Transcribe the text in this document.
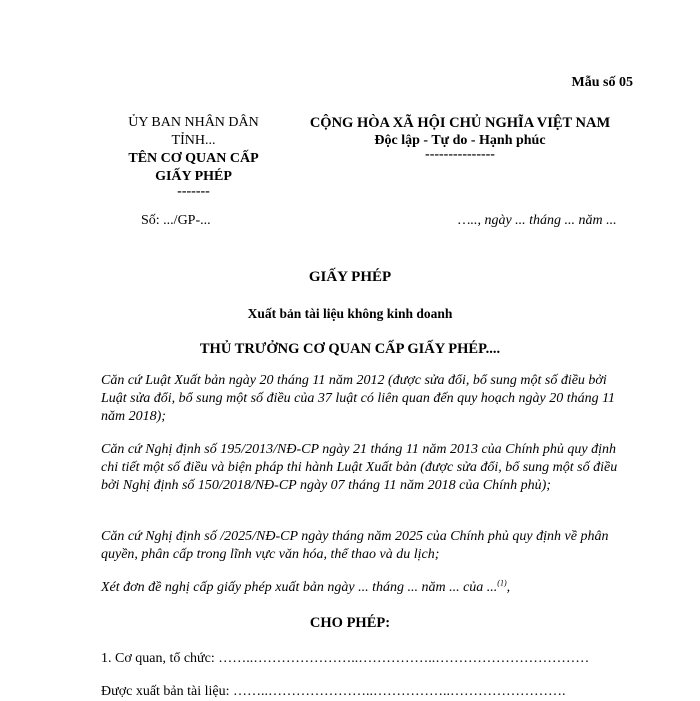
Mẫu số 05
ỦY BAN NHÂN DÂN
TỈNH...
TÊN CƠ QUAN CẤP
GIẤY PHÉP
-------
CỘNG HÒA XÃ HỘI CHỦ NGHĨA VIỆT NAM
Độc lập - Tự do - Hạnh phúc
---------------
Số: .../GP-...	….., ngày ... tháng ... năm ...
GIẤY PHÉP
Xuất bản tài liệu không kinh doanh
THỦ TRƯỞNG CƠ QUAN CẤP GIẤY PHÉP....
Căn cứ Luật Xuất bản ngày 20 tháng 11 năm 2012 (được sửa đổi, bổ sung một số điều bởi Luật sửa đổi, bổ sung một số điều của 37 luật có liên quan đến quy hoạch ngày 20 tháng 11 năm 2018);
Căn cứ Nghị định số 195/2013/NĐ-CP ngày 21 tháng 11 năm 2013 của Chính phủ quy định chi tiết một số điều và biện pháp thi hành Luật Xuất bản (được sửa đổi, bổ sung một số điều bởi Nghị định số 150/2018/NĐ-CP ngày 07 tháng 11 năm 2018 của Chính phủ);
Căn cứ Nghị định số /2025/NĐ-CP ngày tháng năm 2025 của Chính phủ quy định về phân quyền, phân cấp trong lĩnh vực văn hóa, thể thao và du lịch;
Xét đơn đề nghị cấp giấy phép xuất bản ngày ... tháng ... năm ... của ...$^{(1)}$,
CHO PHÉP:
1. Cơ quan, tổ chức: ……..…………………..……………..……………………………
Được xuất bản tài liệu: ……..…………………..……………..…………………….
